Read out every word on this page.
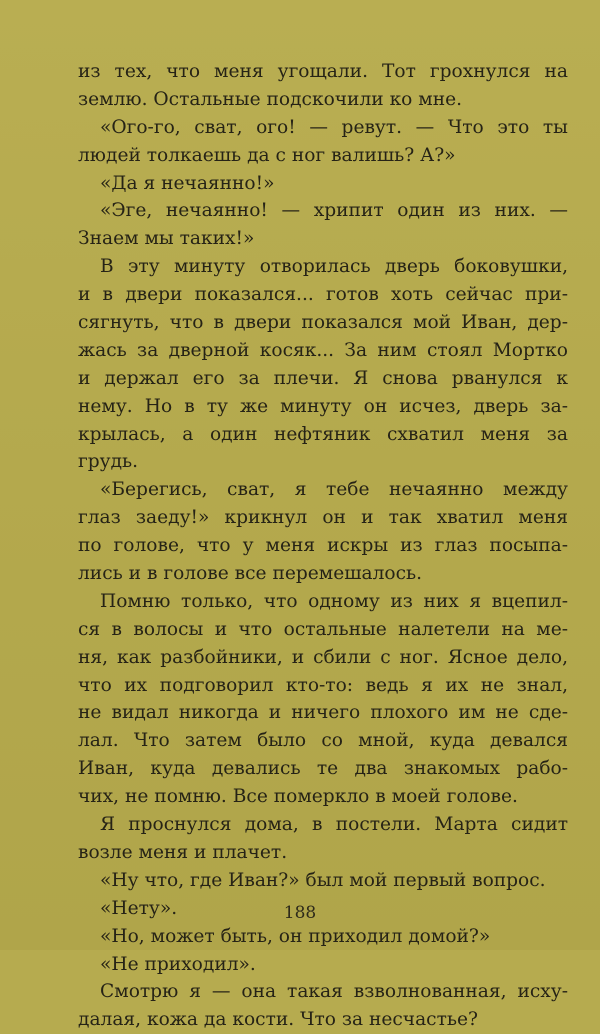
из тех, что меня угощали. Тот грохнулся на
землю. Остальные подскочили ко мне.
«Ого-го, сват, ого! — ревут. — Что это ты
людей толкаешь да с ног валишь? А?»
«Да я нечаянно!»
«Эге, нечаянно! — хрипит один из них. —
Знаем мы таких!»
В эту минуту отворилась дверь боковушки,
и в двери показался... готов хоть сейчас при-
сягнуть, что в двери показался мой Иван, дер-
жась за дверной косяк... За ним стоял Мортко
и держал его за плечи. Я снова рванулся к
нему. Но в ту же минуту он исчез, дверь за-
крылась, а один нефтяник схватил меня за
грудь.
«Берегись, сват, я тебе нечаянно между
глаз заеду!» крикнул он и так хватил меня
по голове, что у меня искры из глаз посыпа-
лись и в голове все перемешалось.
Помню только, что одному из них я вцепил-
ся в волосы и что остальные налетели на ме-
ня, как разбойники, и сбили с ног. Ясное дело,
что их подговорил кто-то: ведь я их не знал,
не видал никогда и ничего плохого им не сде-
лал. Что затем было со мной, куда девался
Иван, куда девались те два знакомых рабо-
чих, не помню. Все померкло в моей голове.
Я проснулся дома, в постели. Марта сидит
возле меня и плачет.
«Ну что, где Иван?» был мой первый вопрос.
«Нету».
«Но, может быть, он приходил домой?»
«Не приходил».
Смотрю я — она такая взволнованная, исху-
далая, кожа да кости. Что за несчастье?
188
